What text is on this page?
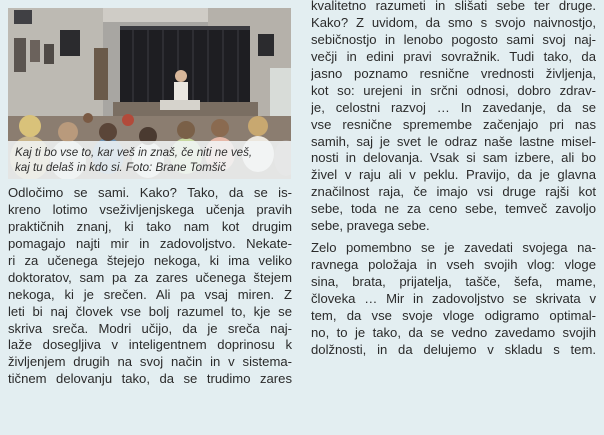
Kaj ti bo vse to, kar veš in znaš, če niti ne veš,
kaj tu delaš in kdo si. Foto: Brane Tomšič
Odločimo se sami. Kako? Tako, da se is-
kreno lotimo vseživljenjskega učenja pravih
praktičnih znanj, ki tako nam kot drugim
pomagajo najti mir in zadovoljstvo. Nekate-
ri za učenega štejejo nekoga, ki ima veliko
doktoratov, sam pa za zares učenega štejem
nekoga, ki je srečen. Ali pa vsaj miren. Z
leti bi naj človek vse bolj razumel to, kje se
skriva sreča. Modri učijo, da je sreča naj-
laže dosegljiva v inteligentnem doprinosu k
življenjem drugih na svoj način in v sistema-
tičnem delovanju tako, da se trudimo zares
kvalitetno razumeti in slišati sebe ter druge.
Kako? Z uvidom, da smo s svojo naivnostjo,
sebičnostjo in lenobo pogosto sami svoj naj-
večji in edini pravi sovražnik. Tudi tako, da
jasno poznamo resnične vrednosti življenja,
kot so: urejeni in srčni odnosi, dobro zdrav-
je, celostni razvoj … In zavedanje, da se
vse resnične spremembe začenjajo pri nas
samih, saj je svet le odraz naše lastne misel-
nosti in delovanja. Vsak si sam izbere, ali bo
živel v raju ali v peklu. Pravijo, da je glavna
značilnost raja, če imajo vsi druge rajši kot
sebe, toda ne za ceno sebe, temveč zavoljo
sebe, pravega sebe.
Zelo pomembno se je zavedati svojega na-
ravnega položaja in vseh svojih vlog: vloge
sina, brata, prijatelja, tašče, šefa, mame,
človeka … Mir in zadovoljstvo se skrivata v
tem, da vse svoje vloge odigramo optimal-
no, to je tako, da se vedno zavedamo svojih
dolžnosti, in da delujemo v skladu s tem.
